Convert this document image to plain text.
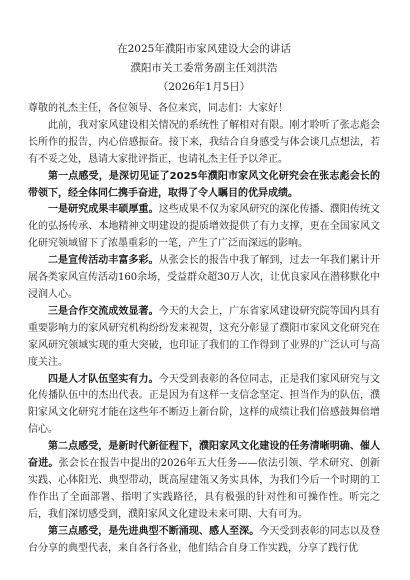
在2025年濮阳市家风建设大会的讲话
濮阳市关工委常务副主任刘洪浩
（2026年1月5日）

尊敬的礼杰主任，各位领导、各位来宾，同志们：大家好！

此前，我对家风建设相关情况的系统性了解相对有限。刚才聆听了张志彪会长所作的报告，内心倍感振奋。接下来，我结合自身感受与体会谈几点想法，若有不妥之处，恳请大家批评指正，也请礼杰主任予以斧正。

第一点感受，是深切见证了2025年濮阳市家风文化研究会在张志彪会长的带领下，经全体同仁携手奋进，取得了令人瞩目的优异成绩。

一是研究成果丰硕厚重。这些成果不仅为家风研究的深化传播、濮阳传统文化的弘扬传承、本地精神文明建设的提质增效提供了有力支撑，更在全国家风文化研究领域留下了浓墨重彩的一笔，产生了广泛而深远的影响。

二是宣传活动丰富多彩。从张会长的报告中我了解到，过去一年我们累计开展各类家风宣传活动160余场，受益群众超30万人次，让优良家风在潜移默化中浸润人心。

三是合作交流成效显著。今天的大会上，广东省家风建设研究院等国内具有重要影响力的家风研究机构纷纷发来视贺，这充分彰显了濮阳市家风文化研究在家风研究领域实现的重大突破，也印证了我们的工作得到了业界的广泛认可与高度关注。

四是人才队伍坚实有力。今天受到表彰的各位同志，正是我们家风研究与文化传播队伍中的杰出代表。正是因为有这样一支信念坚定、担当作为的队伍，濮阳家风文化研究才能在这些年不断迈上新台阶，这样的成绩让我们倍感鼓舞倍增信心。

第二点感受，是新时代新征程下，濮阳家风文化建设的任务清晰明确、催人奋进。张会长在报告中提出的2026年五大任务——依法引领、学术研究、创新实践、心体阳光、典型带动，既高屋建瓴又务实具体，为我们今后一个时期的工作作出了全面部署、指明了实践路径，具有极强的针对性和可操作性。听完之后，我们深切感受到，濮阳家风文化建设未来可期、大有可为。

第三点感受，是先进典型不断涌现、感人至深。今天受到表彰的同志以及登台分享的典型代表，来自各行各业，他们结合自身工作实践，分享了践行优
